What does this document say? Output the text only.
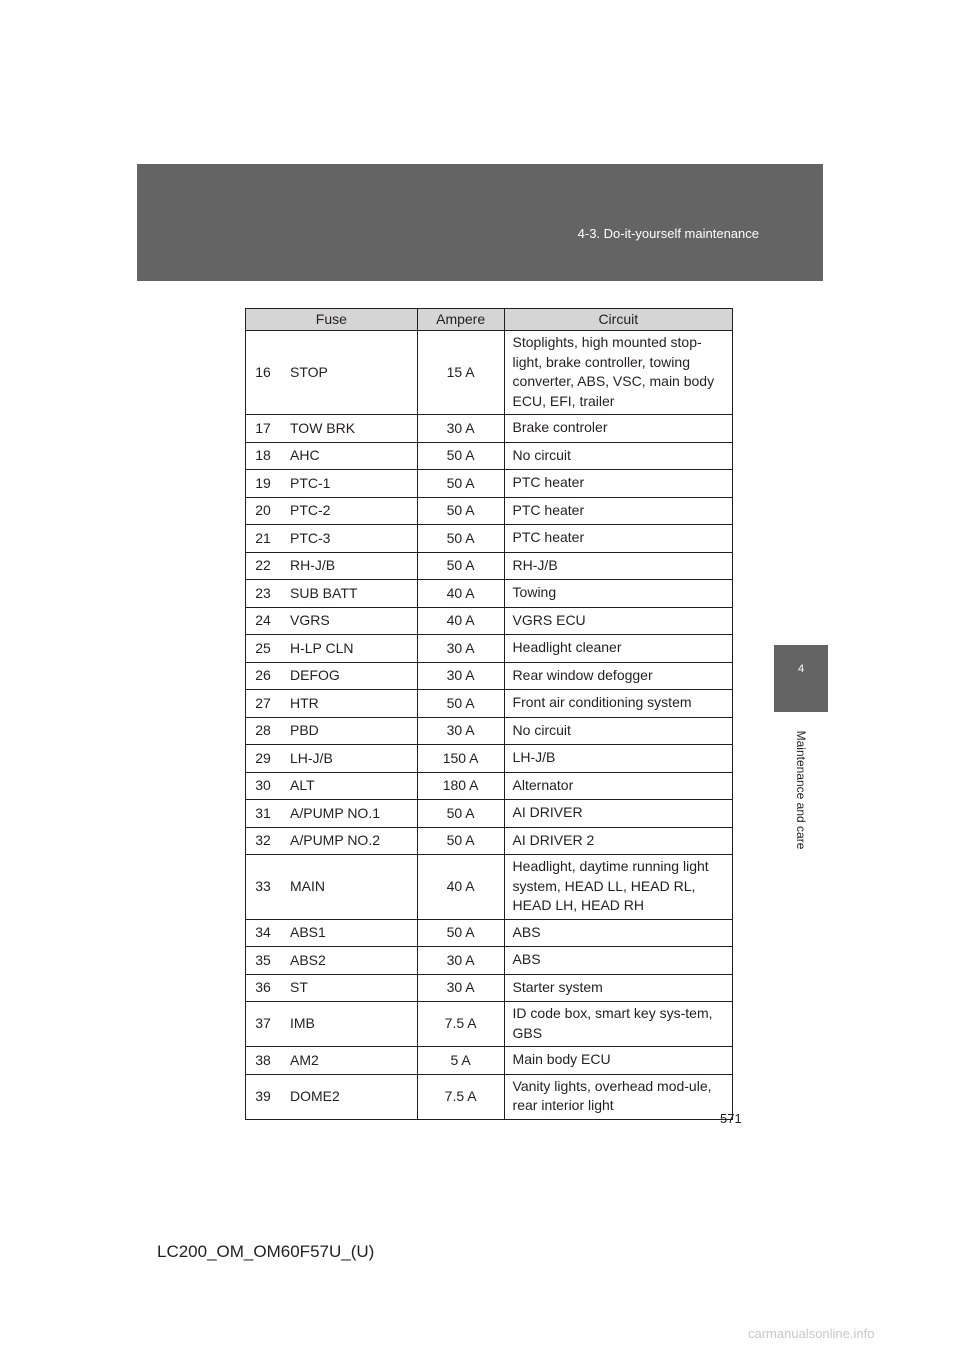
4-3. Do-it-yourself maintenance
4
Maintenance and care
Fuse	Ampere	Circuit

16 STOP	15 A	Stoplights, high mounted stop-light, brake controller, towing converter, ABS, VSC, main body ECU, EFI, trailer

17 TOW BRK	30 A	Brake controler

18 AHC	50 A	No circuit

19 PTC-1	50 A	PTC heater

20 PTC-2	50 A	PTC heater

21 PTC-3	50 A	PTC heater

22 RH-J/B	50 A	RH-J/B

23 SUB BATT	40 A	Towing

24 VGRS	40 A	VGRS ECU

25 H-LP CLN	30 A	Headlight cleaner

26 DEFOG	30 A	Rear window defogger

27 HTR	50 A	Front air conditioning system

28 PBD	30 A	No circuit

29 LH-J/B	150 A	LH-J/B

30 ALT	180 A	Alternator

31 A/PUMP NO.1	50 A	AI DRIVER

32 A/PUMP NO.2	50 A	AI DRIVER 2

33 MAIN	40 A	Headlight, daytime running light system, HEAD LL, HEAD RL, HEAD LH, HEAD RH

34 ABS1	50 A	ABS

35 ABS2	30 A	ABS

36 ST	30 A	Starter system

37 IMB	7.5 A	ID code box, smart key sys-tem, GBS

38 AM2	5 A	Main body ECU

39 DOME2	7.5 A	Vanity lights, overhead mod-ule, rear interior light
571
LC200_OM_OM60F57U_(U)
carmanualsonline.info
